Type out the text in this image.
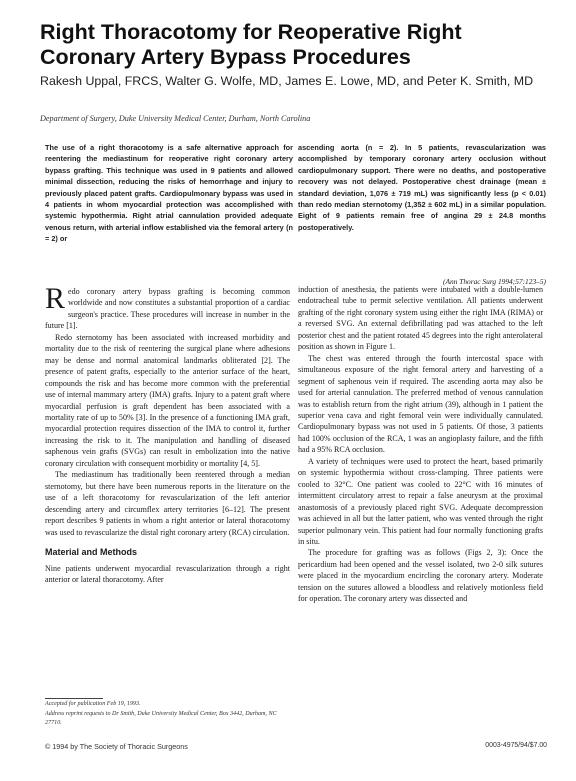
Right Thoracotomy for Reoperative Right Coronary Artery Bypass Procedures
Rakesh Uppal, FRCS, Walter G. Wolfe, MD, James E. Lowe, MD, and Peter K. Smith, MD
Department of Surgery, Duke University Medical Center, Durham, North Carolina
The use of a right thoracotomy is a safe alternative approach for reentering the mediastinum for reoperative right coronary artery bypass grafting. This technique was used in 9 patients and allowed minimal dissection, reducing the risks of hemorrhage and injury to previously placed patent grafts. Cardiopulmonary bypass was used in 4 patients in whom myocardial protection was accomplished with systemic hypothermia. Right atrial cannulation provided adequate venous return, with arterial inflow established via the femoral artery (n = 2) or
ascending aorta (n = 2). In 5 patients, revascularization was accomplished by temporary coronary artery occlusion without cardiopulmonary support. There were no deaths, and postoperative recovery was not delayed. Postoperative chest drainage (mean ± standard deviation, 1,076 ± 719 mL) was significantly less (p < 0.01) than redo median sternotomy (1,352 ± 602 mL) in a similar population. Eight of 9 patients remain free of angina 29 ± 24.8 months postoperatively.
(Ann Thorac Surg 1994;57:123–5)

Redo coronary artery bypass grafting is becoming common worldwide and now constitutes a substantial proportion of a cardiac surgeon's practice. These procedures will increase in number in the future [1].

Redo sternotomy has been associated with increased morbidity and mortality due to the risk of reentering the surgical plane where adhesions may be dense and normal anatomical landmarks obliterated [2]. The presence of patent grafts, especially to the anterior surface of the heart, compounds the risk and has become more common with the preferential use of internal mammary artery (IMA) grafts. Injury to a patent graft where myocardial perfusion is graft dependent has been associated with a mortality rate of up to 50% [3]. In the presence of a functioning IMA graft, myocardial protection requires dissection of the IMA to control it, further increasing the risk to it. The manipulation and handling of diseased saphenous vein grafts (SVGs) can result in embolization into the native coronary circulation with consequent morbidity or mortality [4, 5].

The mediastinum has traditionally been reentered through a median sternotomy, but there have been numerous reports in the literature on the use of a left thoracotomy for revascularization of the left anterior descending artery and circumflex artery territories [6–12]. The present report describes 9 patients in whom a right anterior or lateral thoracotomy was used to revascularize the distal right coronary artery (RCA) circulation.

Material and Methods

Nine patients underwent myocardial revascularization through a right anterior or lateral thoracotomy. After

induction of anesthesia, the patients were intubated with a double-lumen endotracheal tube to permit selective ventilation. All patients underwent grafting of the right coronary system using either the right IMA (RIMA) or a reversed SVG. An external defibrillating pad was attached to the left posterior chest and the patient rotated 45 degrees into the right anterolateral position as shown in Figure 1.

The chest was entered through the fourth intercostal space with simultaneous exposure of the right femoral artery and harvesting of a segment of saphenous vein if required. The ascending aorta may also be used for arterial cannulation. The preferred method of venous cannulation was to establish return from the right atrium (39), although in 1 patient the superior vena cava and right femoral vein were individually cannulated. Cardiopulmonary bypass was not used in 5 patients. Of those, 3 patients had 100% occlusion of the RCA, 1 was an angioplasty failure, and the fifth had a 95% RCA occlusion.

A variety of techniques were used to protect the heart, based primarily on systemic hypothermia without cross-clamping. Three patients were cooled to 32°C. One patient was cooled to 22°C with 16 minutes of intermittent circulatory arrest to repair a false aneurysm at the proximal anastomosis of a previously placed right SVG. Adequate decompression was achieved in all but the latter patient, who was vented through the right superior pulmonary vein. This patient had four normally functioning grafts in situ.

The procedure for grafting was as follows (Figs 2, 3): Once the pericardium had been opened and the vessel isolated, two 2-0 silk sutures were placed in the myocardium encircling the coronary artery. Moderate tension on the sutures allowed a bloodless and relatively motionless field for operation. The coronary artery was dissected and

Accepted for publication Feb 19, 1993.

Address reprint requests to Dr Smith, Duke University Medical Center, Box 3442, Durham, NC 27710.

© 1994 by The Society of Thoracic Surgeons	0003-4975/94/$7.00
